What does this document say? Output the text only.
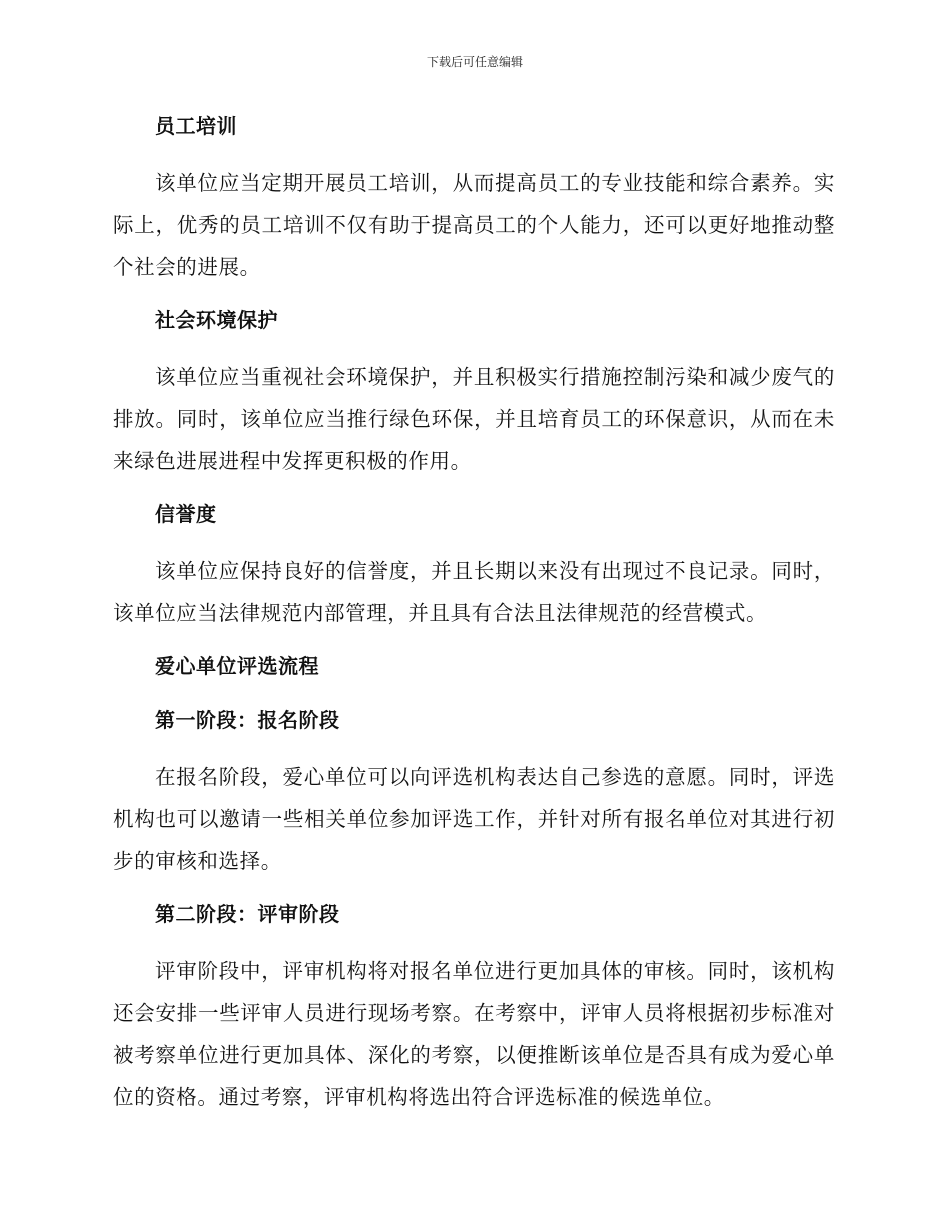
下载后可任意编辑
员工培训

该单位应当定期开展员工培训，从而提高员工的专业技能和综合素养。实际上，优秀的员工培训不仅有助于提高员工的个人能力，还可以更好地推动整个社会的进展。

社会环境保护

该单位应当重视社会环境保护，并且积极实行措施控制污染和减少废气的排放。同时，该单位应当推行绿色环保，并且培育员工的环保意识，从而在未来绿色进展进程中发挥更积极的作用。

信誉度

该单位应保持良好的信誉度，并且长期以来没有出现过不良记录。同时，该单位应当法律规范内部管理，并且具有合法且法律规范的经营模式。

爱心单位评选流程
第一阶段：报名阶段

在报名阶段，爱心单位可以向评选机构表达自己参选的意愿。同时，评选机构也可以邀请一些相关单位参加评选工作，并针对所有报名单位对其进行初步的审核和选择。

第二阶段：评审阶段

评审阶段中，评审机构将对报名单位进行更加具体的审核。同时，该机构还会安排一些评审人员进行现场考察。在考察中，评审人员将根据初步标准对被考察单位进行更加具体、深化的考察，以便推断该单位是否具有成为爱心单位的资格。通过考察，评审机构将选出符合评选标准的候选单位。
